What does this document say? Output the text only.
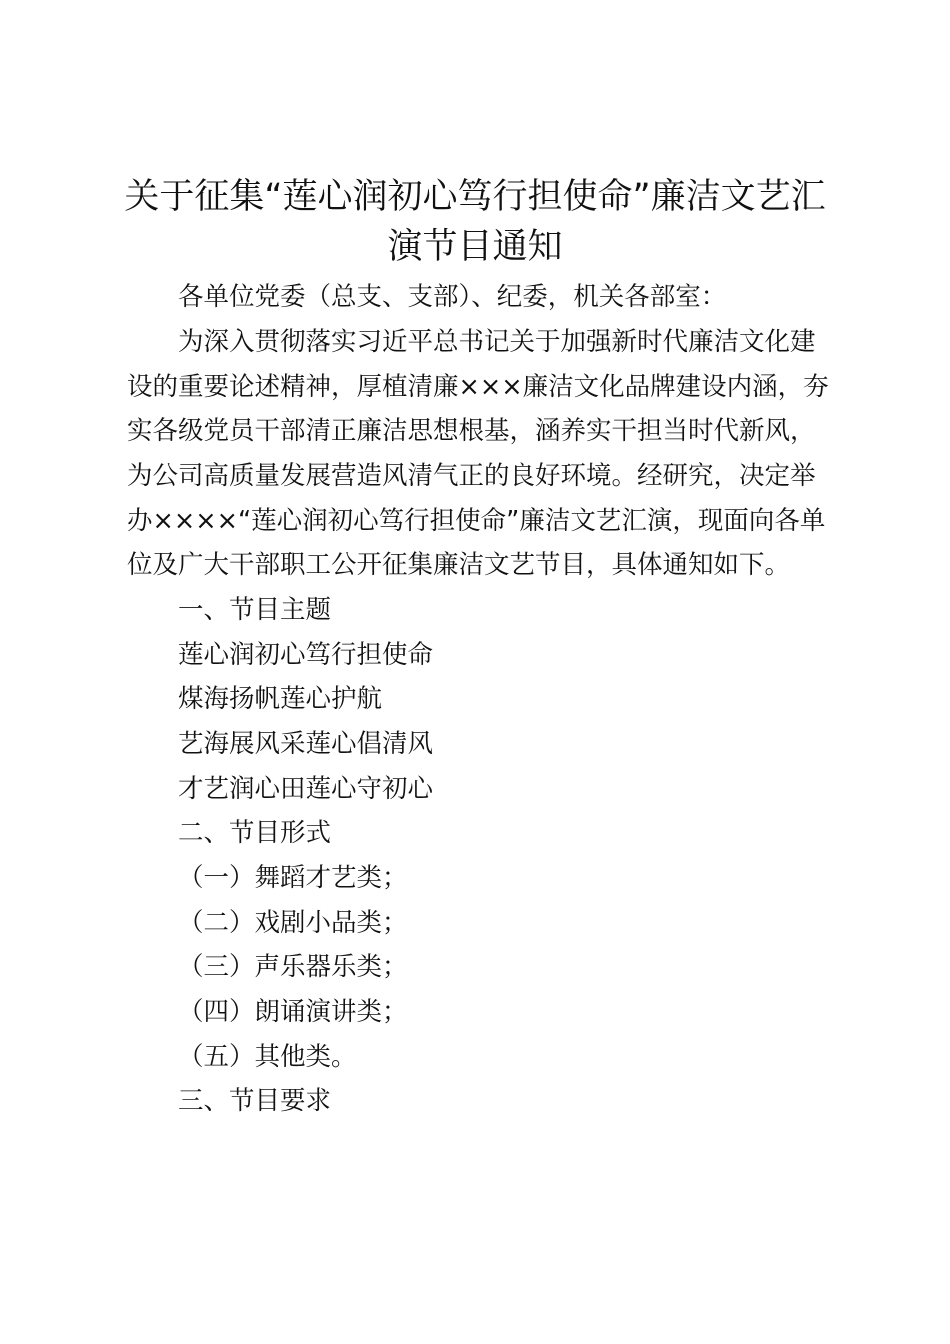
关于征集“莲心润初心笃行担使命”廉洁文艺汇
演节目通知

各单位党委（总支、支部）、纪委，机关各部室：

为深入贯彻落实习近平总书记关于加强新时代廉洁文化建

设的重要论述精神，厚植清廉×××廉洁文化品牌建设内涵，夯

实各级党员干部清正廉洁思想根基，涵养实干担当时代新风，

为公司高质量发展营造风清气正的良好环境。经研究，决定举

办××××“莲心润初心笃行担使命”廉洁文艺汇演，现面向各单

位及广大干部职工公开征集廉洁文艺节目，具体通知如下。

一、节目主题

莲心润初心笃行担使命

煤海扬帆莲心护航

艺海展风采莲心倡清风

才艺润心田莲心守初心

二、节目形式

（一）舞蹈才艺类；

（二）戏剧小品类；

（三）声乐器乐类；

（四）朗诵演讲类；

（五）其他类。

三、节目要求
